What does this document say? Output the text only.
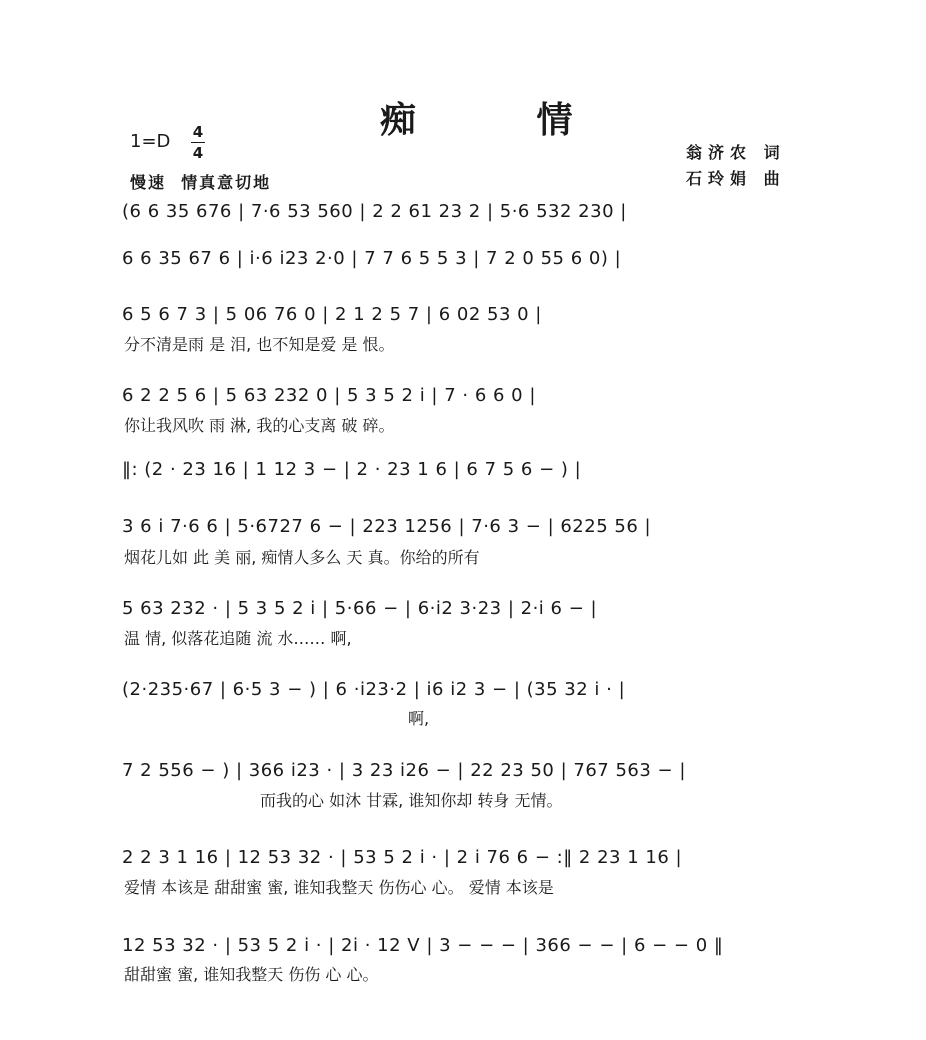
痴 情
1=D 4
4
慢速  情真意切地
翁济农 词
石玲娟 曲
(6 6 35 676 | 7·6 53 560 | 2 2 61 23 2 | 5·6 532 230 |
6 6 35 67 6 | i·6 i23 2·0 | 7 7 6 5 5 3 | 7 2 0 55 6 0) |
6 5 6 7 3 | 5 06 76 0 | 2 1 2 5 7 | 6 02 53 0 |
分不清是雨 是 泪, 也不知是爱 是 恨。
6 2 2 5 6 | 5 63 232 0 | 5 3 5 2 i | 7 · 6 6 0 |
你让我风吹 雨 淋, 我的心支离 破 碎。
‖: (2 · 23 16 | 1 12 3 − | 2 · 23 1 6 | 6 7 5 6 − ) |
3 6 i 7·6 6 | 5·6727 6 − | 223 1256 | 7·6 3 − | 6225 56 |
烟花儿如 此 美 丽, 痴情人多么 天 真。你给的所有
5 63 232 · | 5 3 5 2 i | 5·66 − | 6·i2 3·23 | 2·i 6 − |
温 情, 似落花追随 流 水…… 啊,
(2·235·67 | 6·5 3 − ) | 6 ·i23·2 | i6 i2 3 − | (35 32 i · |
啊,
7 2 556 − ) | 366 i23 · | 3 23 i26 − | 22 23 50 | 767 563 − |
而我的心 如沐 甘霖, 谁知你却 转身 无情。
2 2 3 1 16 | 12 53 32 · | 53 5 2 i · | 2 i 76 6 − :‖ 2 23 1 16 |
爱情 本该是 甜甜蜜 蜜, 谁知我整天 伤伤心 心。 爱情 本该是
12 53 32 · | 53 5 2 i · | 2i · 12 V | 3 − − − | 366 − − | 6 − − 0 ‖
甜甜蜜 蜜, 谁知我整天 伤伤 心 心。
